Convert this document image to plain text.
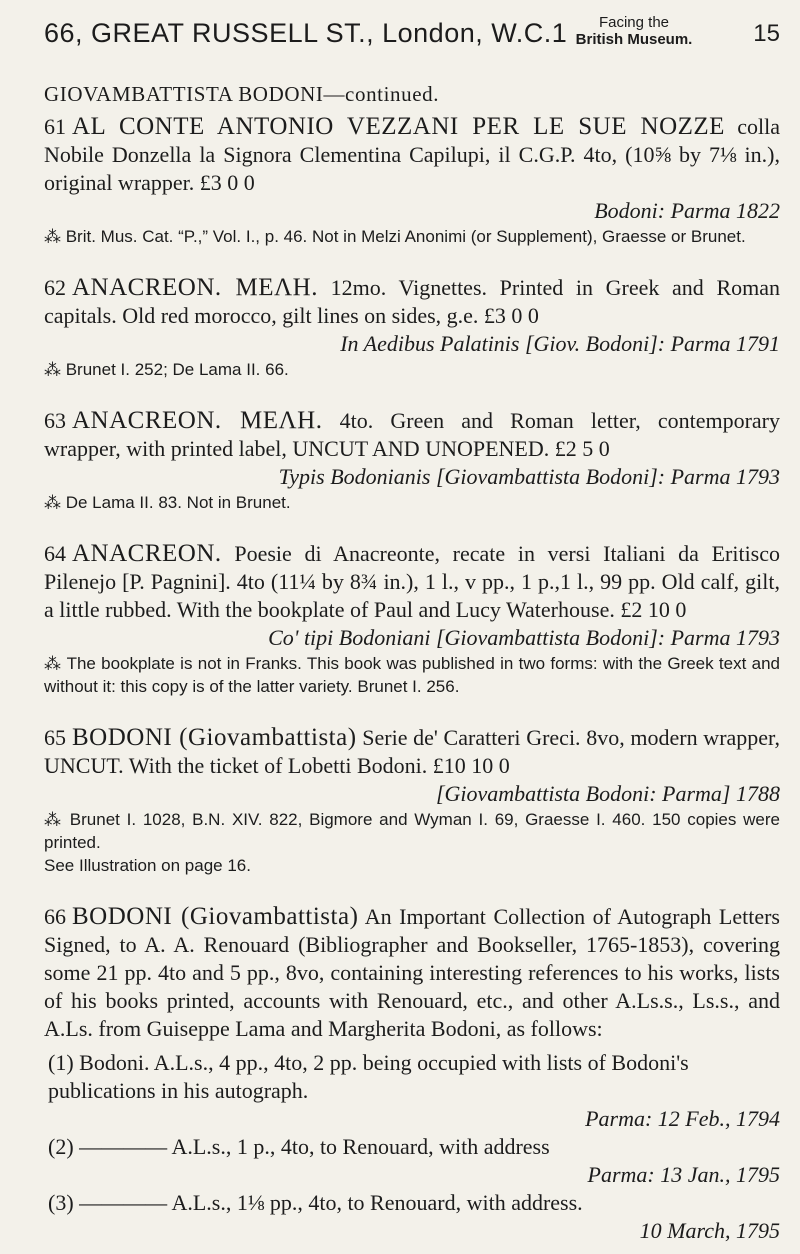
66, GREAT RUSSELL ST., London, W.C.1	Facing the
British Museum.	15
GIOVAMBATTISTA BODONI—continued.

61 AL CONTE ANTONIO VEZZANI PER LE SUE NOZZE colla Nobile Donzella la Signora Clementina Capilupi, il C.G.P. 4to, (10⅝ by 7⅛ in.), original wrapper. £3 0 0

Bodoni: Parma 1822
⁂ Brit. Mus. Cat. “P.,” Vol. I., p. 46. Not in Melzi Anonimi (or Supplement), Graesse or Brunet.

62 ANACREON. ΜΕΛΗ. 12mo. Vignettes. Printed in Greek and Roman capitals. Old red morocco, gilt lines on sides, g.e. £3 0 0

In Aedibus Palatinis [Giov. Bodoni]: Parma 1791
⁂ Brunet I. 252; De Lama II. 66.

63 ANACREON. ΜΕΛΗ. 4to. Green and Roman letter, contemporary wrapper, with printed label, UNCUT AND UNOPENED. £2 5 0

Typis Bodonianis [Giovambattista Bodoni]: Parma 1793
⁂ De Lama II. 83. Not in Brunet.

64 ANACREON. Poesie di Anacreonte, recate in versi Italiani da Eritisco Pilenejo [P. Pagnini]. 4to (11¼ by 8¾ in.), 1 l., v pp., 1 p.,1 l., 99 pp. Old calf, gilt, a little rubbed. With the bookplate of Paul and Lucy Waterhouse. £2 10 0

Co' tipi Bodoniani [Giovambattista Bodoni]: Parma 1793
⁂ The bookplate is not in Franks. This book was published in two forms: with the Greek text and without it: this copy is of the latter variety. Brunet I. 256.

65 BODONI (Giovambattista) Serie de' Caratteri Greci. 8vo, modern wrapper, UNCUT. With the ticket of Lobetti Bodoni. £10 10 0

[Giovambattista Bodoni: Parma] 1788
⁂ Brunet I. 1028, B.N. XIV. 822, Bigmore and Wyman I. 69, Graesse I. 460. 150 copies were printed.
See Illustration on page 16.

66 BODONI (Giovambattista) An Important Collection of Autograph Letters Signed, to A. A. Renouard (Bibliographer and Bookseller, 1765-1853), covering some 21 pp. 4to and 5 pp., 8vo, containing interesting references to his works, lists of his books printed, accounts with Renouard, etc., and other A.Ls.s., Ls.s., and A.Ls. from Guiseppe Lama and Margherita Bodoni, as follows:

(1) Bodoni. A.L.s., 4 pp., 4to, 2 pp. being occupied with lists of Bodoni's publications in his autograph.
Parma: 12 Feb., 1794
(2) ———— A.L.s., 1 p., 4to, to Renouard, with address
Parma: 13 Jan., 1795
(3) ———— A.L.s., 1⅛ pp., 4to, to Renouard, with address.
10 March, 1795
